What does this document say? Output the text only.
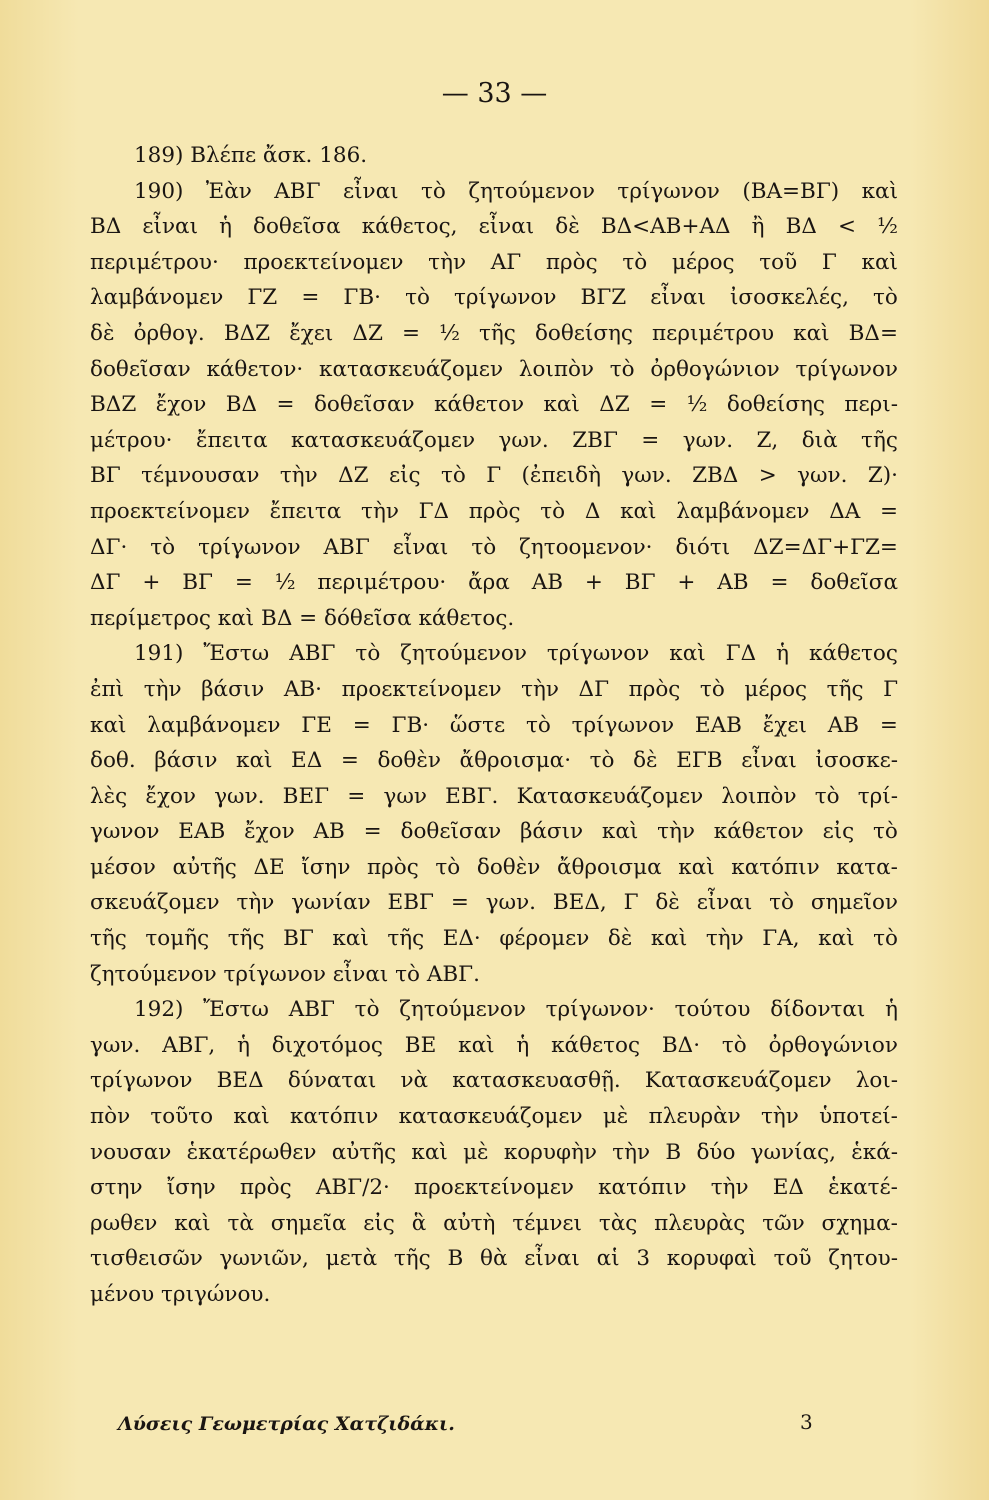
— 33 —
189) Βλέπε ἄσκ. 186.
190) Ἐὰν ΑΒΓ εἶναι τὸ ζητούμενον τρίγωνον (ΒΑ=ΒΓ) καὶ
ΒΔ εἶναι ἡ δοθεῖσα κάθετος, εἶναι δὲ ΒΔ<ΑΒ+ΑΔ ἢ ΒΔ < ½
περιμέτρου· προεκτείνομεν τὴν ΑΓ πρὸς τὸ μέρος τοῦ Γ καὶ
λαμβάνομεν ΓΖ = ΓΒ· τὸ τρίγωνον ΒΓΖ εἶναι ἰσοσκελές, τὸ
δὲ ὀρθογ. ΒΔΖ ἔχει ΔΖ = ½ τῆς δοθείσης περιμέτρου καὶ ΒΔ=
δοθεῖσαν κάθετον· κατασκευάζομεν λοιπὸν τὸ ὀρθογώνιον τρίγωνον
ΒΔΖ ἔχον ΒΔ = δοθεῖσαν κάθετον καὶ ΔΖ = ½ δοθείσης περι-
μέτρου· ἔπειτα κατασκευάζομεν γων. ΖΒΓ = γων. Ζ, διὰ τῆς
ΒΓ τέμνουσαν τὴν ΔΖ εἰς τὸ Γ (ἐπειδὴ γων. ΖΒΔ > γων. Ζ)·
προεκτείνομεν ἔπειτα τὴν ΓΔ πρὸς τὸ Δ καὶ λαμβάνομεν ΔΑ =
ΔΓ· τὸ τρίγωνον ΑΒΓ εἶναι τὸ ζητοομενον· διότι ΔΖ=ΔΓ+ΓΖ=
ΔΓ + ΒΓ = ½ περιμέτρου· ἄρα ΑΒ + ΒΓ + ΑΒ = δοθεῖσα
περίμετρος καὶ ΒΔ = δόθεῖσα κάθετος.
191) Ἔστω ΑΒΓ τὸ ζητούμενον τρίγωνον καὶ ΓΔ ἡ κάθετος
ἐπὶ τὴν βάσιν ΑΒ· προεκτείνομεν τὴν ΔΓ πρὸς τὸ μέρος τῆς Γ
καὶ λαμβάνομεν ΓΕ = ΓΒ· ὥστε τὸ τρίγωνον ΕΑΒ ἔχει ΑΒ =
δοθ. βάσιν καὶ ΕΔ = δοθὲν ἄθροισμα· τὸ δὲ ΕΓΒ εἶναι ἰσοσκε-
λὲς ἔχον γων. ΒΕΓ = γων ΕΒΓ. Κατασκευάζομεν λοιπὸν τὸ τρί-
γωνον ΕΑΒ ἔχον ΑΒ = δοθεῖσαν βάσιν καὶ τὴν κάθετον εἰς τὸ
μέσον αὐτῆς ΔΕ ἴσην πρὸς τὸ δοθὲν ἄθροισμα καὶ κατόπιν κατα-
σκευάζομεν τὴν γωνίαν ΕΒΓ = γων. ΒΕΔ, Γ δὲ εἶναι τὸ σημεῖον
τῆς τομῆς τῆς ΒΓ καὶ τῆς ΕΔ· φέρομεν δὲ καὶ τὴν ΓΑ, καὶ τὸ
ζητούμενον τρίγωνον εἶναι τὸ ΑΒΓ.
192) Ἔστω ΑΒΓ τὸ ζητούμενον τρίγωνον· τούτου δίδονται ἡ
γων. ΑΒΓ, ἡ διχοτόμος ΒΕ καὶ ἡ κάθετος ΒΔ· τὸ ὀρθογώνιον
τρίγωνον ΒΕΔ δύναται νὰ κατασκευασθῇ. Κατασκευάζομεν λοι-
πὸν τοῦτο καὶ κατόπιν κατασκευάζομεν μὲ πλευρὰν τὴν ὑποτεί-
νουσαν ἑκατέρωθεν αὐτῆς καὶ μὲ κορυφὴν τὴν Β δύο γωνίας, ἑκά-
στην ἴσην πρὸς ΑΒΓ/2· προεκτείνομεν κατόπιν τὴν ΕΔ ἑκατέ-
ρωθεν καὶ τὰ σημεῖα εἰς ἃ αὐτὴ τέμνει τὰς πλευρὰς τῶν σχημα-
τισθεισῶν γωνιῶν, μετὰ τῆς Β θὰ εἶναι αἱ 3 κορυφαὶ τοῦ ζητου-
μένου τριγώνου.
Λύσεις Γεωμετρίας Χατζιδάκι.	3
